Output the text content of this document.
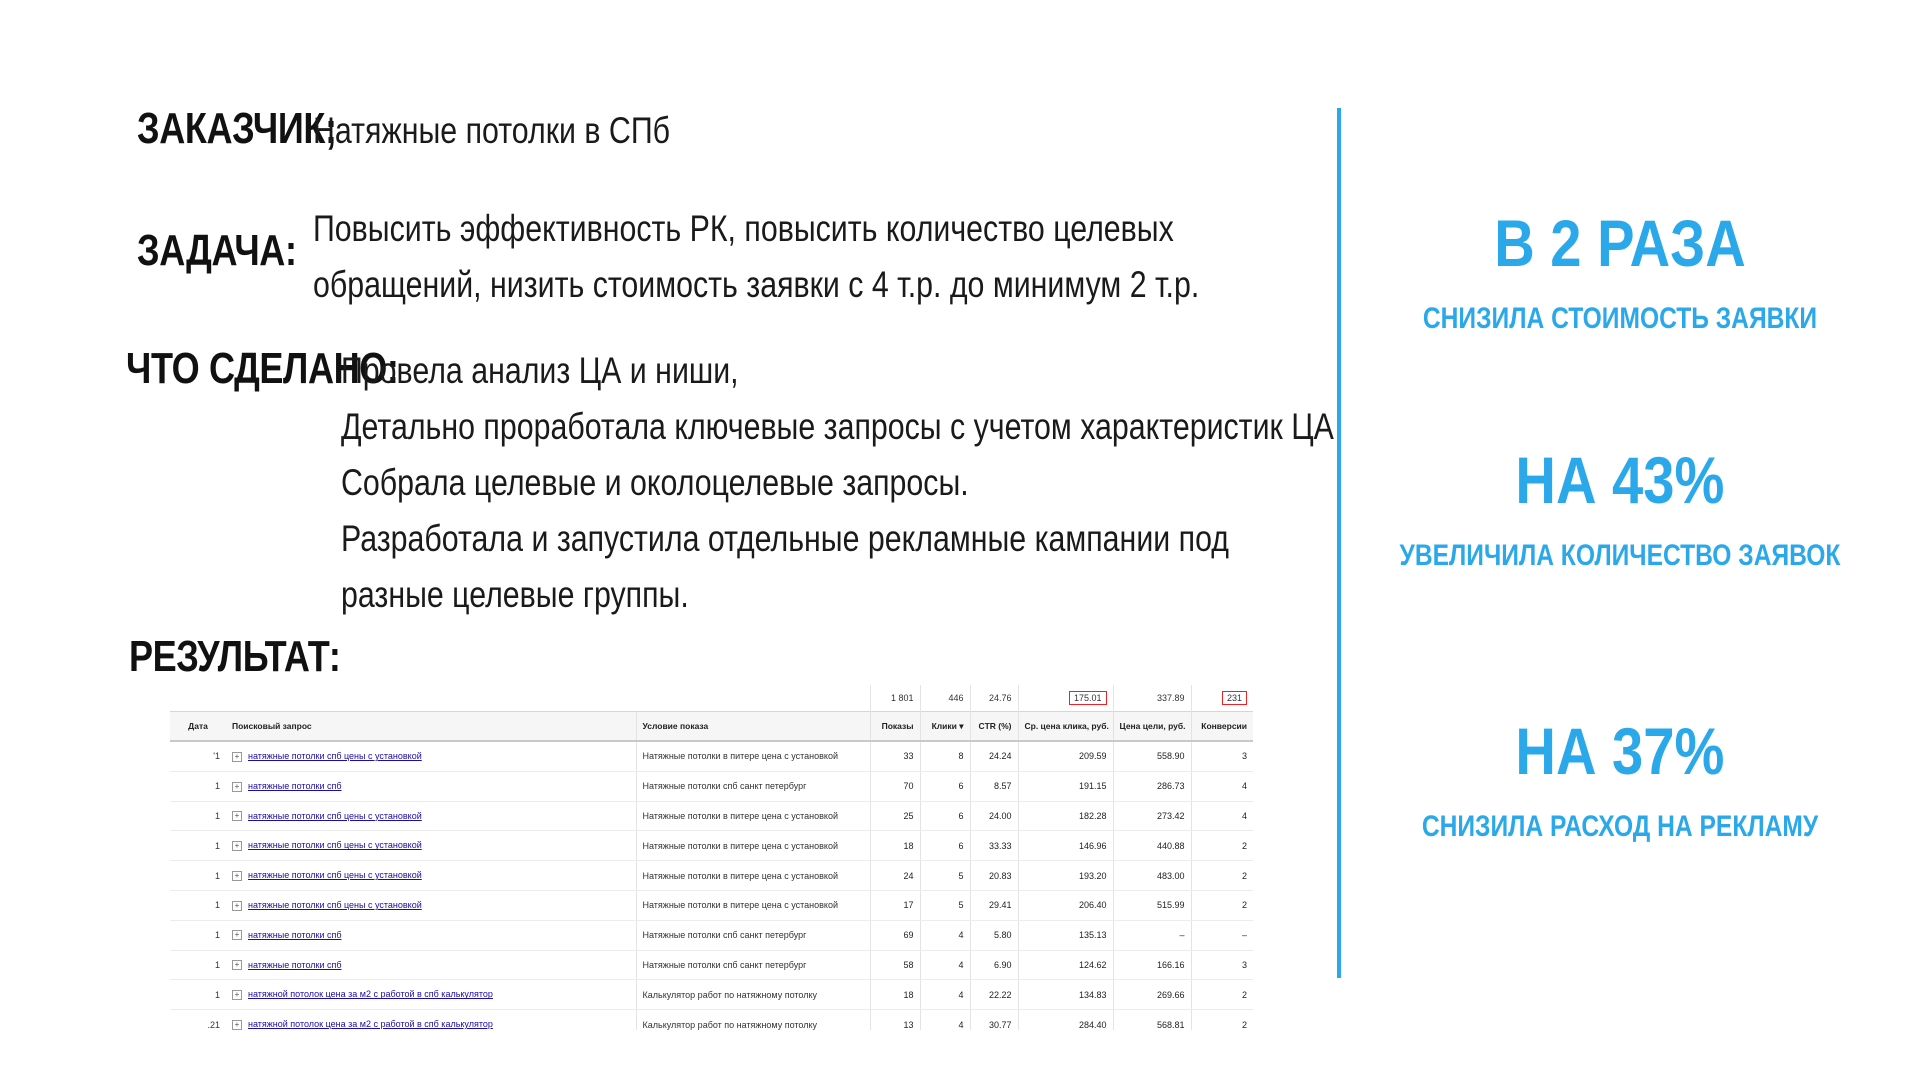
ЗАКАЗЧИК;
Натяжные потолки в СПб
ЗАДАЧА: Повысить эффективность РК, повысить количество целевых
обращений, низить стоимость заявки с 4 т.р. до минимум 2 т.р.
ЧТО СДЕЛАНО:
Провела анализ ЦА и ниши,
Детально проработала ключевые запросы с учетом характеристик ЦА
Собрала целевые и околоцелевые запросы.
Разработала и запустила отдельные рекламные кампании под
разные целевые группы.
РЕЗУЛЬТАТ:
			1 801	446	24.76	175.01	337.89	231
Дата	Поисковый запрос	Условие показа	Показы	Клики ▾	CTR (%)	Ср. цена клика, руб.	Цена цели, руб.	Конверсии
'1	+ натяжные потолки спб цены с установкой	Натяжные потолки в питере цена с установкой	33	8	24.24	209.59	558.90	3
1	+ натяжные потолки спб	Натяжные потолки спб санкт петербург	70	6	8.57	191.15	286.73	4
1	+ натяжные потолки спб цены с установкой	Натяжные потолки в питере цена с установкой	25	6	24.00	182.28	273.42	4
1	+ натяжные потолки спб цены с установкой	Натяжные потолки в питере цена с установкой	18	6	33.33	146.96	440.88	2
1	+ натяжные потолки спб цены с установкой	Натяжные потолки в питере цена с установкой	24	5	20.83	193.20	483.00	2
1	+ натяжные потолки спб цены с установкой	Натяжные потолки в питере цена с установкой	17	5	29.41	206.40	515.99	2
1	+ натяжные потолки спб	Натяжные потолки спб санкт петербург	69	4	5.80	135.13	–	–
1	+ натяжные потолки спб	Натяжные потолки спб санкт петербург	58	4	6.90	124.62	166.16	3
1	+ натяжной потолок цена за м2 с работой в спб калькулятор	Калькулятор работ по натяжному потолку	18	4	22.22	134.83	269.66	2
.21	+ натяжной потолок цена за м2 с работой в спб калькулятор	Калькулятор работ по натяжному потолку	13	4	30.77	284.40	568.81	2
В 2 РАЗА
СНИЗИЛА СТОИМОСТЬ ЗАЯВКИ
НА 43%
УВЕЛИЧИЛА КОЛИЧЕСТВО ЗАЯВОК
НА 37%
СНИЗИЛА РАСХОД НА РЕКЛАМУ
